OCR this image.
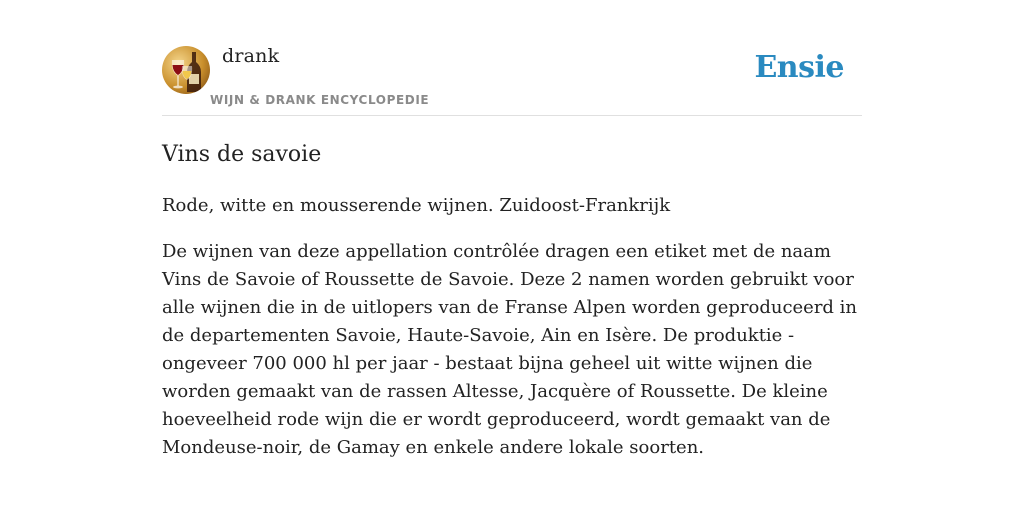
drank
WIJN & DRANK ENCYCLOPEDIE
Ensie
Vins de savoie

Rode, witte en mousserende wijnen. Zuidoost-Frankrijk

De wijnen van deze appellation contrôlée dragen een etiket met de naam Vins de Savoie of Roussette de Savoie. Deze 2 namen worden gebruikt voor alle wijnen die in de uitlopers van de Franse Alpen worden geproduceerd in de departementen Savoie, Haute-Savoie, Ain en Isère. De produktie - ongeveer 700 000 hl per jaar - bestaat bijna geheel uit witte wijnen die worden gemaakt van de rassen Altesse, Jacquère of Roussette. De kleine hoeveelheid rode wijn die er wordt geproduceerd, wordt gemaakt van de Mondeuse-noir, de Gamay en enkele andere lokale soorten.
